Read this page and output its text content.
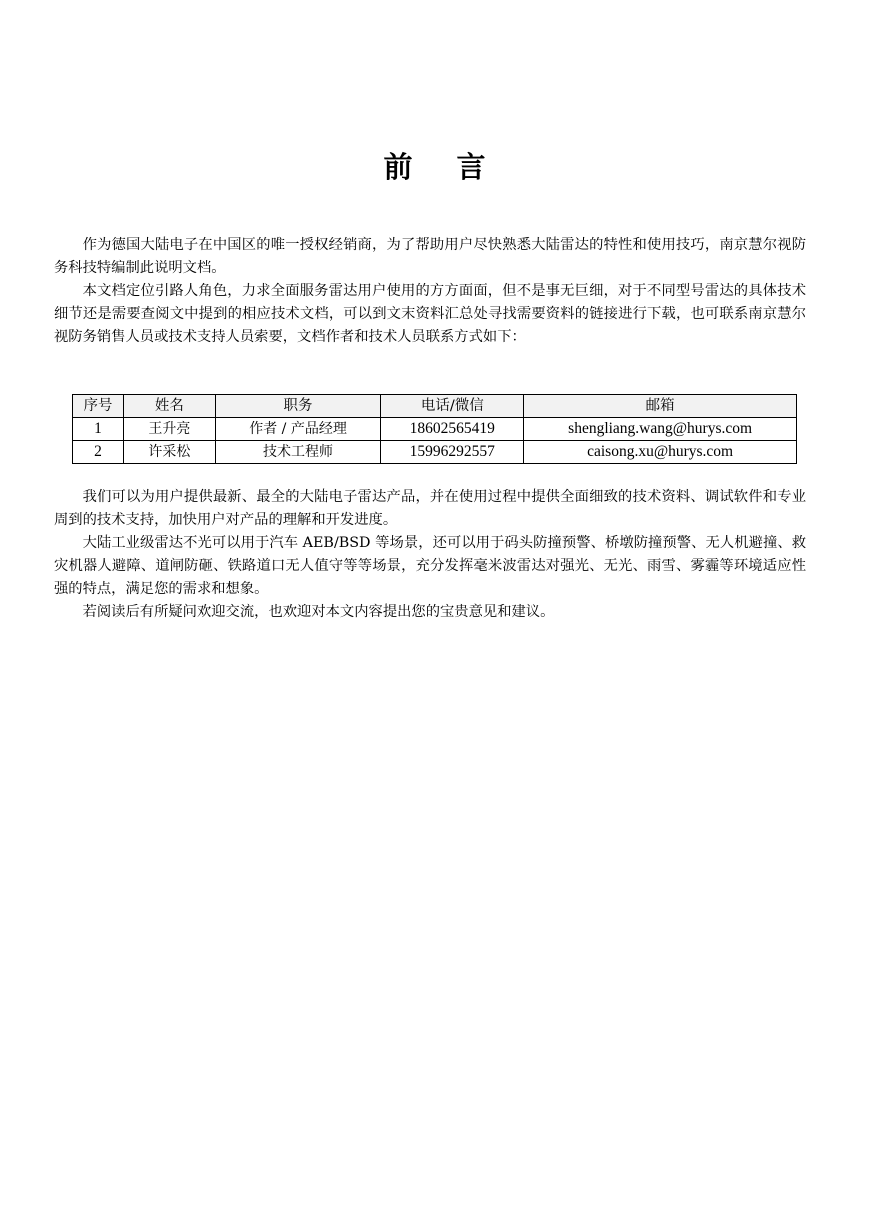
前 言

作为德国大陆电子在中国区的唯一授权经销商，为了帮助用户尽快熟悉大陆雷达的特性和使用技巧，南京慧尔视防务科技特编制此说明文档。

本文档定位引路人角色，力求全面服务雷达用户使用的方方面面，但不是事无巨细，对于不同型号雷达的具体技术细节还是需要查阅文中提到的相应技术文档，可以到文末资料汇总处寻找需要资料的链接进行下载，也可联系南京慧尔视防务销售人员或技术支持人员索要，文档作者和技术人员联系方式如下：

序号	姓名	职务	电话/微信	邮箱
1	王升亮	作者 / 产品经理	18602565419	shengliang.wang@hurys.com
2	许采松	技术工程师	15996292557	caisong.xu@hurys.com

我们可以为用户提供最新、最全的大陆电子雷达产品，并在使用过程中提供全面细致的技术资料、调试软件和专业周到的技术支持，加快用户对产品的理解和开发进度。

大陆工业级雷达不光可以用于汽车 AEB/BSD 等场景，还可以用于码头防撞预警、桥墩防撞预警、无人机避撞、救灾机器人避障、道闸防砸、铁路道口无人值守等等场景，充分发挥毫米波雷达对强光、无光、雨雪、雾霾等环境适应性强的特点，满足您的需求和想象。

若阅读后有所疑问欢迎交流，也欢迎对本文内容提出您的宝贵意见和建议。
